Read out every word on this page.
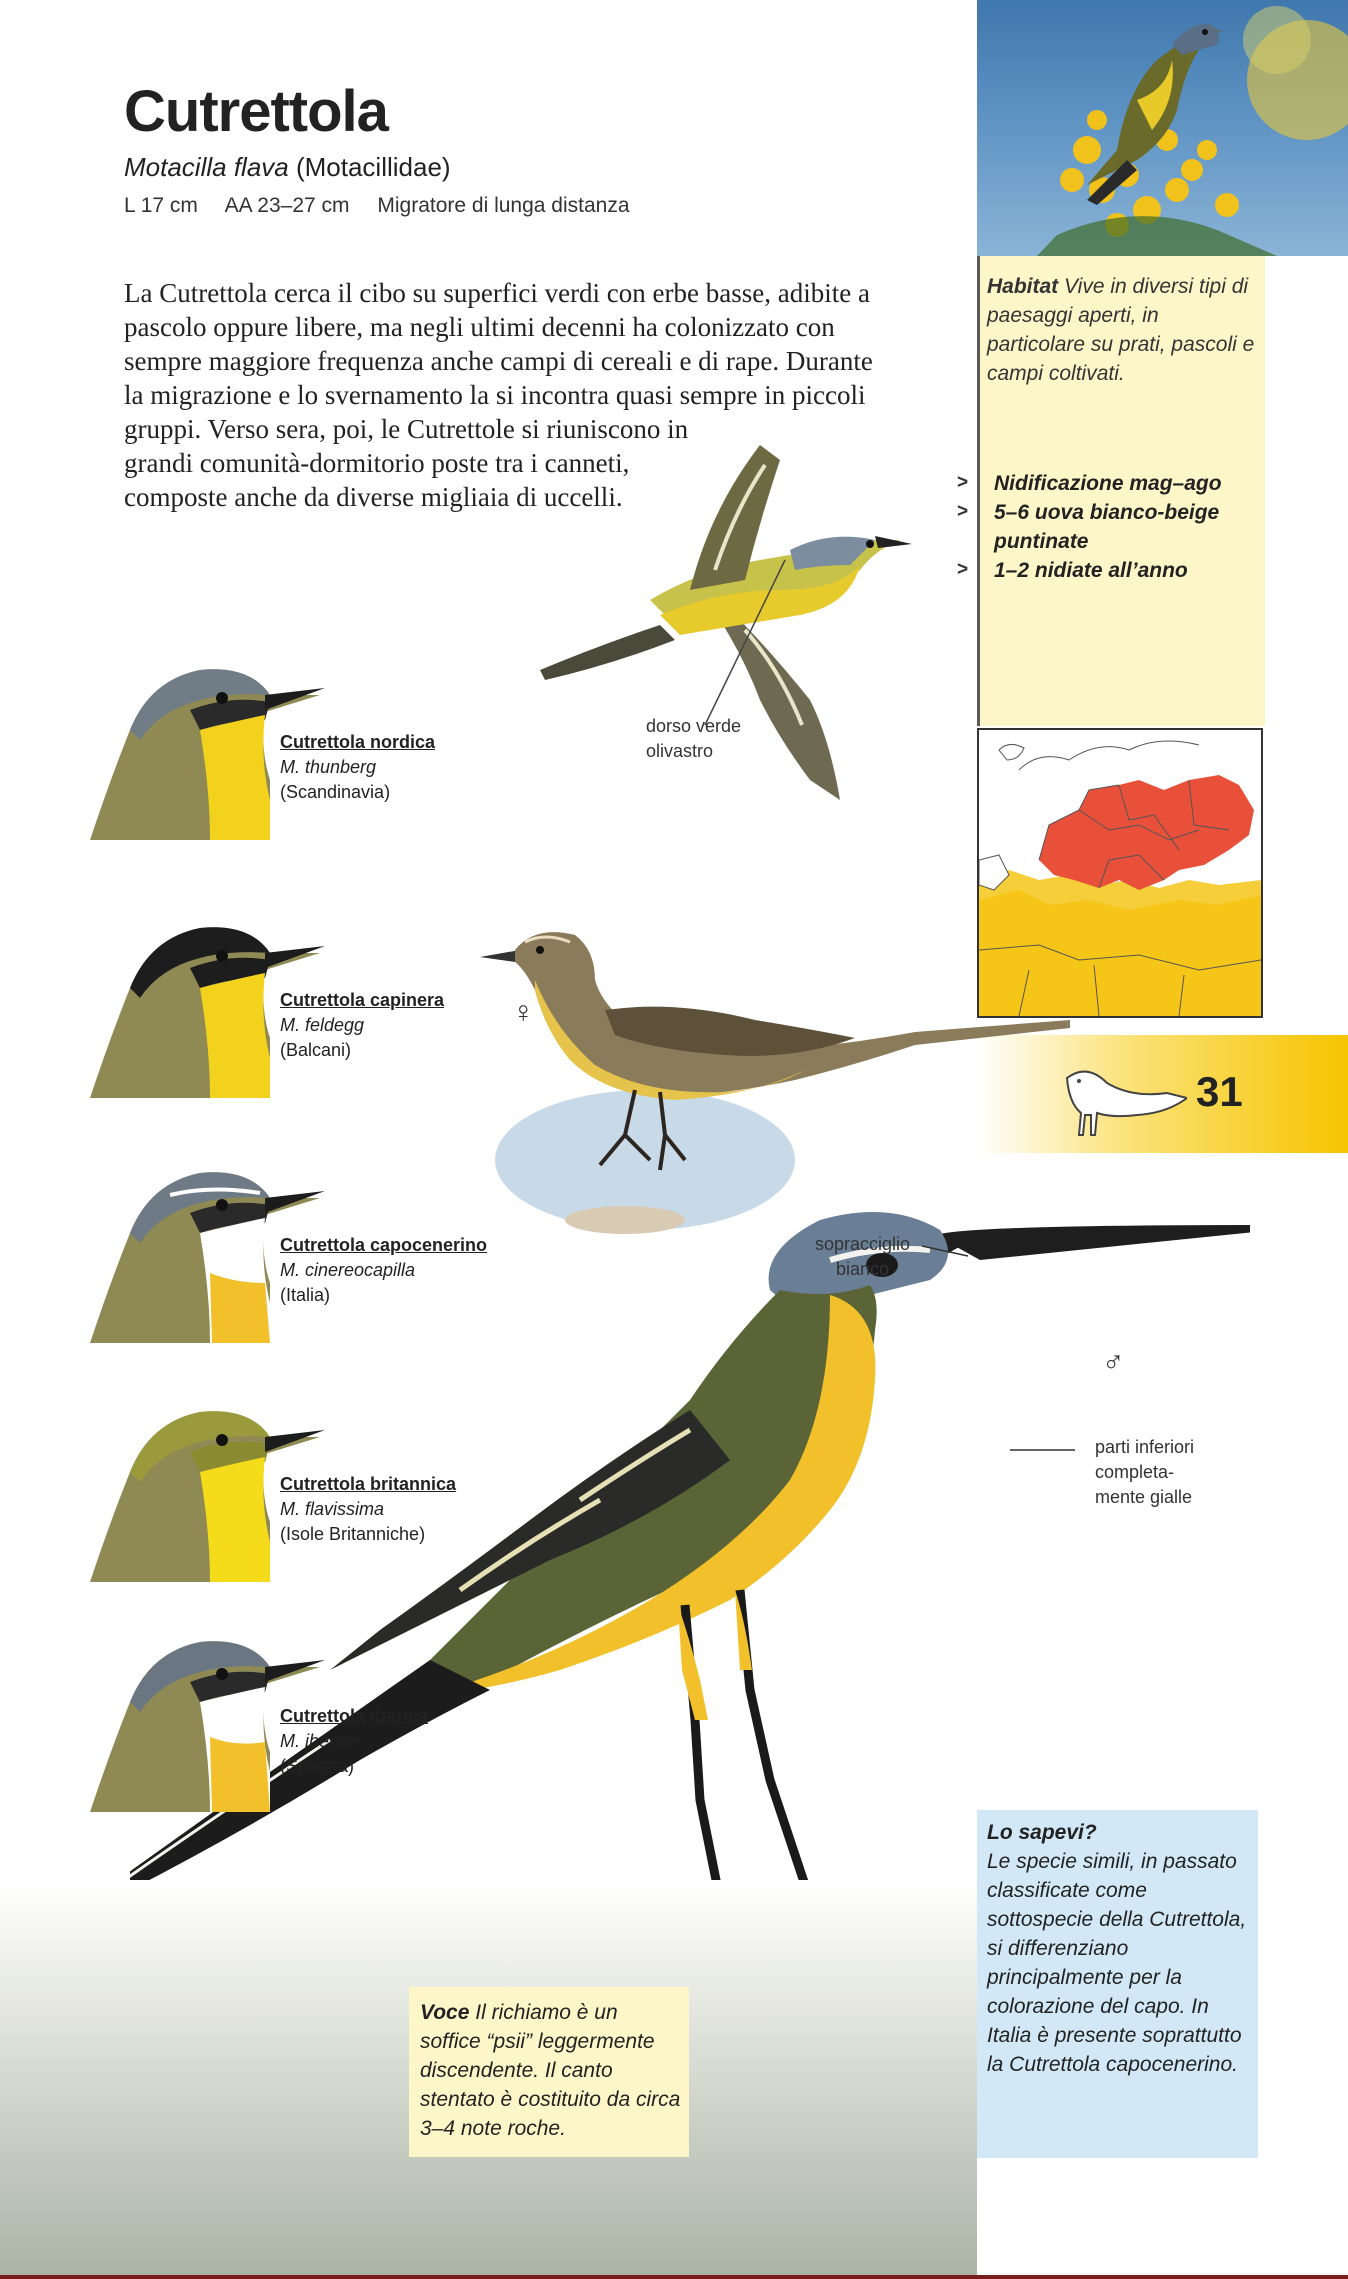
Cutrettola
Motacilla flava (Motacillidae)
L 17 cm AA 23–27 cm Migratore di lunga distanza
La Cutrettola cerca il cibo su superfici verdi con erbe basse, adibite a
pascolo oppure libere, ma negli ultimi decenni ha colonizzato con
sempre maggiore frequenza anche campi di cereali e di rape. Durante
la migrazione e lo svernamento la si incontra quasi sempre in piccoli
gruppi. Verso sera, poi, le Cutrettole si riuniscono in
grandi comunità-dormitorio poste tra i canneti,
composte anche da diverse migliaia di uccelli.
Habitat Vive in diversi tipi di paesaggi aperti, in particolare su prati, pascoli e campi coltivati.
>
>
>
Nidificazione mag–ago
5–6 uova bianco-beige puntinate
1–2 nidiate all’anno
31
dorso verde
olivastro
♀
sopracciglio
bianco
♂
parti inferiori
completa-
mente gialle
Cutrettola nordica
M. thunberg
(Scandinavia)
Cutrettola capinera
M. feldegg
(Balcani)
Cutrettola capocenerino
M. cinereocapilla
(Italia)
Cutrettola britannica
M. flavissima
(Isole Britanniche)
Cutrettola iberica
M. iberiae
(Spagna)
Voce Il richiamo è un soffice “psii” leggermente discendente. Il canto stentato è costituito da circa 3–4 note roche.
Lo sapevi?
Le specie simili, in passato classificate come sottospecie della Cutrettola, si differenziano principalmente per la colorazione del capo. In Italia è presente soprattutto la Cutrettola capocenerino.
